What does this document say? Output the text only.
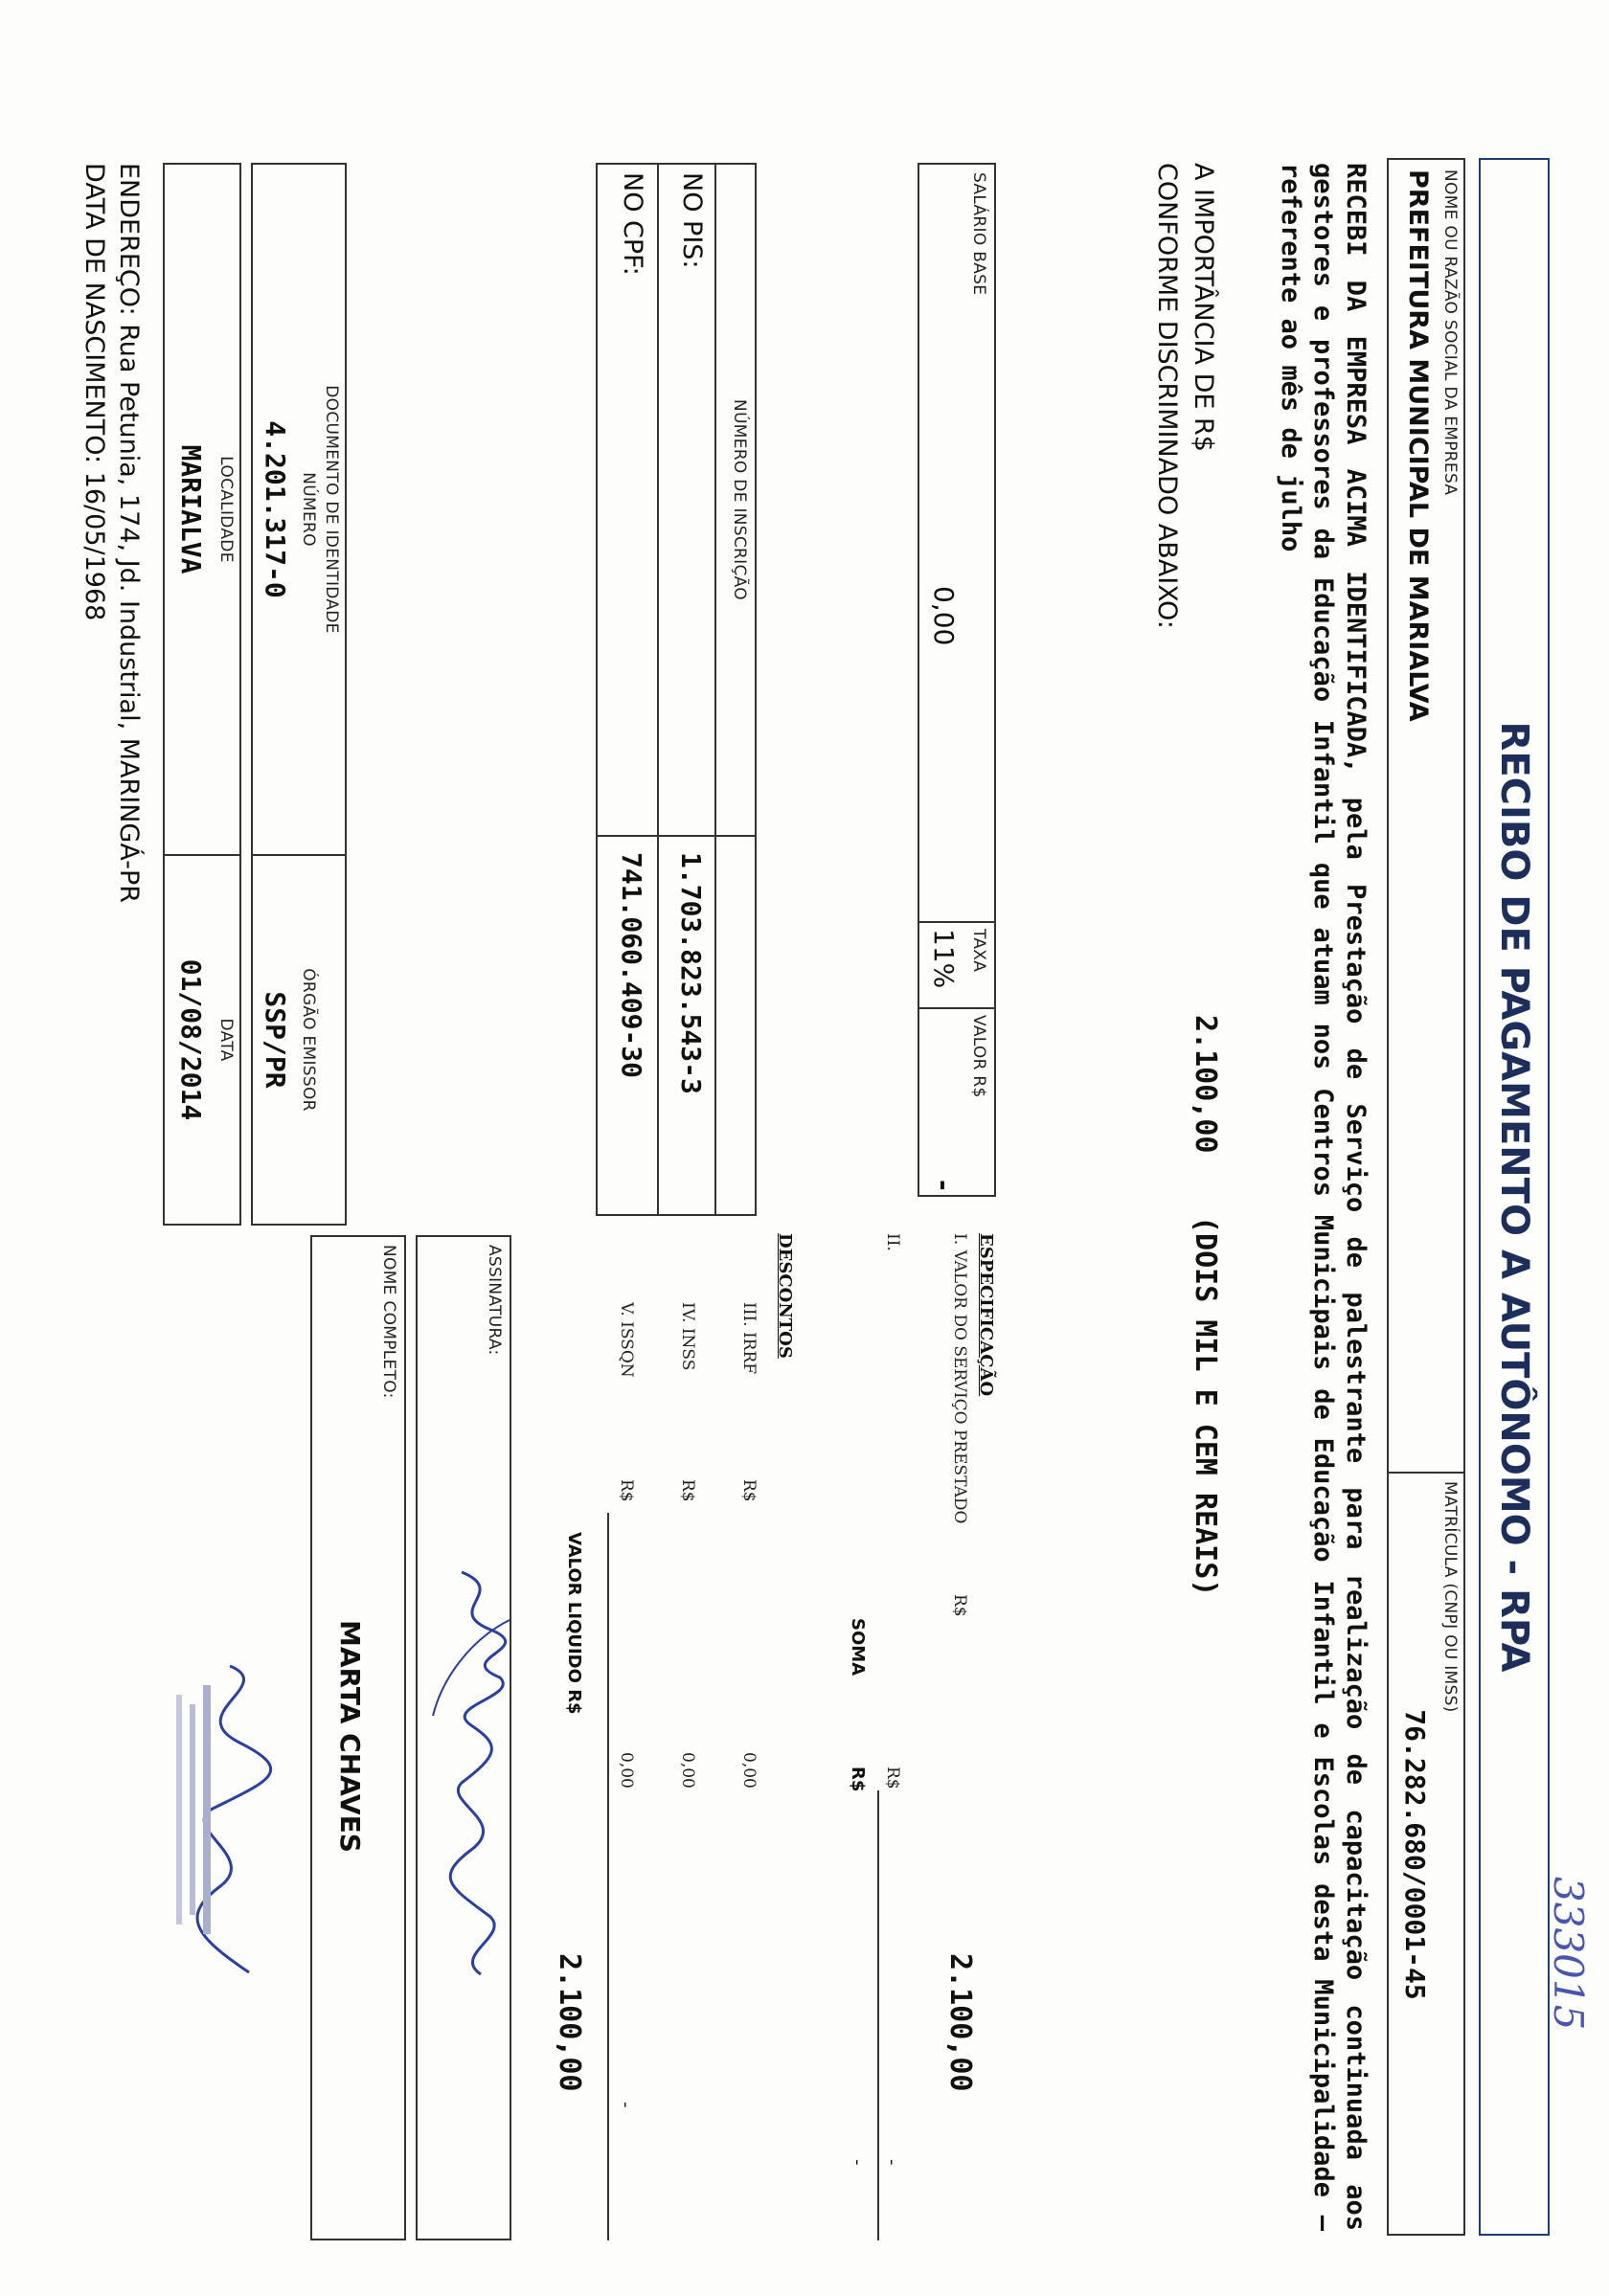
333015
RECIBO DE PAGAMENTO A AUTÔNOMO - RPA
NOME OU RAZÃO SOCIAL DA EMPRESA
PREFEITURA MUNICIPAL DE MARIALVA
MATRÍCULA (CNPJ OU IMSS)
76.282.680/0001-45
RECEBI DA EMPRESA ACIMA IDENTIFICADA, pela Prestação de Serviço de palestrante para realização de capacitação continuada aos gestores e professores da Educação Infantil que atuam nos Centros Municipais de Educação Infantil e Escolas desta Municipalidade – referente ao mês de julho
A IMPORTÂNCIA DE R$
2.100,00
(DOIS MIL E CEM REAIS)
CONFORME DISCRIMINADO ABAIXO:
SALÁRIO BASE
0,00
TAXA
11%
VALOR R$
-
NÚMERO DE INSCRIÇÃO
NO PIS:
1.703.823.543-3
NO CPF:
741.060.409-30
DOCUMENTO DE IDENTIDADE
NÚMERO
4.201.317-0
ÓRGÃO EMISSOR
SSP/PR
LOCALIDADE
MARIALVA
DATA
01/08/2014
ENDEREÇO: Rua Petunia, 174, Jd. Industrial, MARINGÁ-PR
DATA DE NASCIMENTO: 16/05/1968
ESPECIFICAÇÃO
I. VALOR DO SERVIÇO PRESTADO
R$
2.100,00
II.
R$
-
SOMA
R$
-
DESCONTOS
III. IRRF
R$
0,00
IV. INSS
R$
0,00
V. ISSQN
R$
0,00
-
VALOR LIQUIDO R$
2.100,00
ASSINATURA:
NOME COMPLETO:
MARTA CHAVES
